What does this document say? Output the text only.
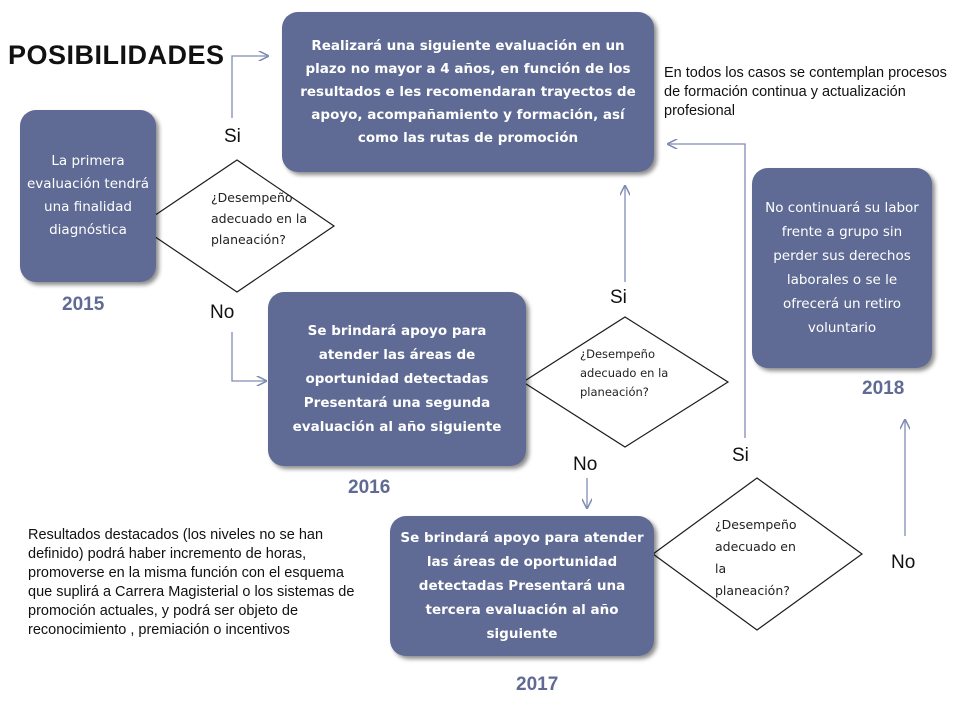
POSIBILIDADES
La primera evaluación tendrá una finalidad diagnóstica
Realizará una siguiente evaluación en un plazo no mayor a 4 años, en función de los resultados e les recomendaran trayectos de apoyo, acompañamiento y formación, así como las rutas de promoción
Se brindará apoyo para atender las áreas de oportunidad detectadas Presentará una segunda evaluación al año siguiente
Se brindará apoyo para atender las áreas de oportunidad detectadas Presentará una tercera evaluación al año siguiente
No continuará su labor frente a grupo sin perder sus derechos laborales o se le ofrecerá un retiro voluntario
¿Desempeño adecuado en la planeación?
¿Desempeño adecuado en la planeación?
¿Desempeño adecuado en la planeación?
Si
No
Si
No	Si
No
2015
2016
2017
2018
En todos los casos se contemplan procesos de formación continua y actualización profesional
Resultados destacados (los niveles no se han definido) podrá haber incremento de horas, promoverse en la misma función con el esquema que suplirá a Carrera Magisterial o los sistemas de promoción actuales, y podrá ser objeto de reconocimiento , premiación o incentivos
